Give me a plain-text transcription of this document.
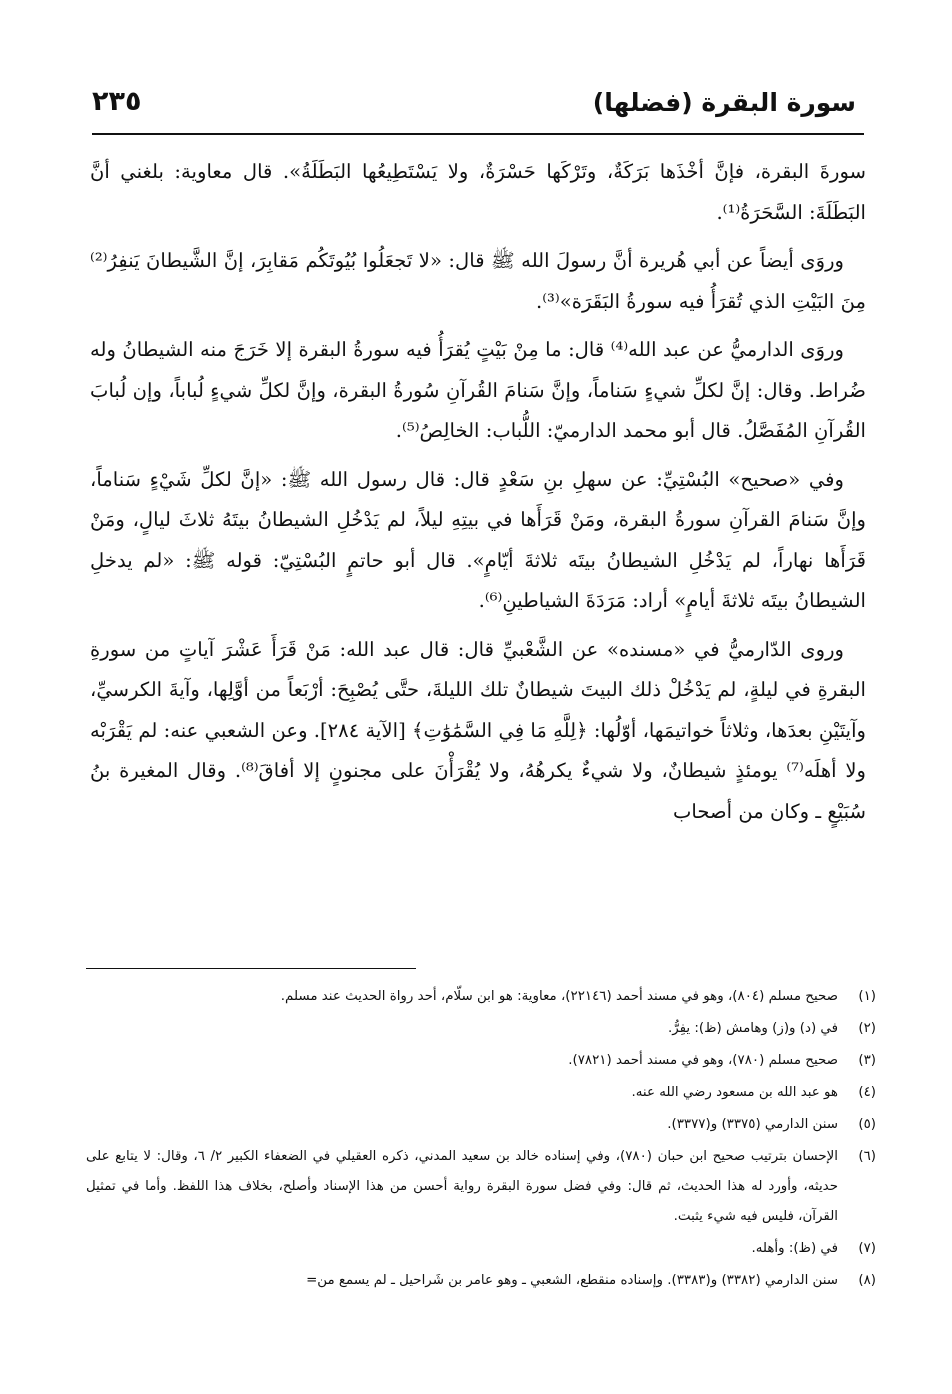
سورة البقرة (فضلها)
٢٣٥

سورةَ البقرة، فإنَّ أخْذَها بَرَكَةٌ، وتَرْكَها حَسْرَةٌ، ولا يَسْتَطِيعُها البَطَلَةُ». قال معاوية: بلغني أنَّ البَطَلَةَ: السَّحَرَةُ⁽¹⁾.

وروَى أيضاً عن أبي هُريرة أنَّ رسولَ الله ﷺ قال: «لا تَجعَلُوا بُيُوتَكُم مَقابِرَ، إنَّ الشَّيطانَ يَنفِرُ⁽²⁾ مِنَ البَيْتِ الذي تُقرَأُ فيه سورةُ البَقَرَة»⁽³⁾.

وروَى الدارميُّ عن عبد الله⁽⁴⁾ قال: ما مِنْ بَيْتٍ يُقرَأُ فيه سورةُ البقرة إلا خَرَجَ منه الشيطانُ وله ضُراط. وقال: إنَّ لكلِّ شيءٍ سَناماً، وإنَّ سَنامَ القُرآنِ سُورةُ البقرة، وإنَّ لكلِّ شيءٍ لُباباً، وإن لُبابَ القُرآنِ المُفَصَّلُ. قال أبو محمد الدارميّ: اللُّباب: الخالِصُ⁽⁵⁾.

وفي «صحيح» البُسْتِيِّ: عن سهلِ بنِ سَعْدٍ قال: قال رسول الله ﷺ: «إنَّ لكلِّ شَيْءٍ سَناماً، وإنَّ سَنامَ القرآنِ سورةُ البقرة، ومَنْ قَرَأَها في بيتِهِ ليلاً، لم يَدْخُلِ الشيطانُ بيتَهُ ثلاثَ ليالٍ، ومَنْ قَرَأَها نهاراً، لم يَدْخُلِ الشيطانُ بيتَه ثلاثةَ أيّامٍ». قال أبو حاتمٍ البُسْتِيّ: قوله ﷺ: «لم يدخلِ الشيطانُ بيتَه ثلاثةَ أيامٍ» أراد: مَرَدَةَ الشياطينِ⁽⁶⁾.

وروى الدّارميُّ في «مسنده» عن الشَّعْبيِّ قال: قال عبد الله: مَنْ قَرَأَ عَشْرَ آياتٍ من سورةِ البقرةِ في ليلةٍ، لم يَدْخُلْ ذلك البيتَ شيطانٌ تلك الليلةَ، حتَّى يُصْبِحَ: أرْبَعاً من أوَّلِها، وآيةَ الكرسيِّ، وآيتَيْنِ بعدَها، وثلاثاً خواتيمَها، أوّلُها: ﴿لِلَّهِ مَا فِي السَّمَٰوَٰتِ﴾ [الآية ٢٨٤]. وعن الشعبي عنه: لم يَقْرَبْه ولا أهلَه⁽⁷⁾ يومئذٍ شيطانٌ، ولا شيءٌ يكرهُهُ، ولا يُقْرَأْنَ على مجنونٍ إلا أفاقَ⁽⁸⁾. وقال المغيرة بنُ سُبَيْعٍ ـ وكان من أصحاب

(١)
صحيح مسلم (٨٠٤)، وهو في مسند أحمد (٢٢١٤٦)، معاوية: هو ابن سلّام، أحد رواة الحديث عند مسلم.
(٢)
في (د) و(ز) وهامش (ظ): يفِرُّ.
(٣)
صحيح مسلم (٧٨٠)، وهو في مسند أحمد (٧٨٢١).
(٤)
هو عبد الله بن مسعود رضي الله عنه.
(٥)
سنن الدارمي (٣٣٧٥) و(٣٣٧٧).
(٦)
الإحسان بترتيب صحيح ابن حبان (٧٨٠)، وفي إسناده خالد بن سعيد المدني، ذكره العقيلي في الضعفاء الكبير ٢/ ٦، وقال: لا يتابع على حديثه، وأورد له هذا الحديث، ثم قال: وفي فضل سورة البقرة رواية أحسن من هذا الإسناد وأصلح، بخلاف هذا اللفظ. وأما في تمثيل القرآن، فليس فيه شيء يثبت.
(٧)
في (ظ): وأهله.
(٨)
سنن الدارمي (٣٣٨٢) و(٣٣٨٣). وإسناده منقطع، الشعبي ـ وهو عامر بن شَراحيل ـ لم يسمع من=
